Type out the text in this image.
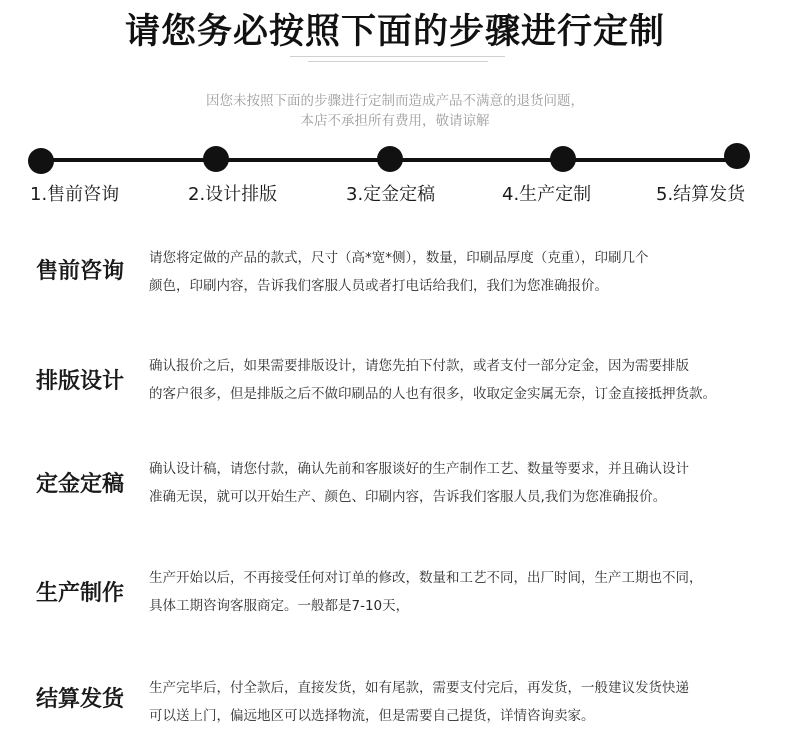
请您务必按照下面的步骤进行定制
因您未按照下面的步骤进行定制而造成产品不满意的退货问题，
本店不承担所有费用，敬请谅解
1.售前咨询	2.设计排版	3.定金定稿	4.生产定制	5.结算发货
售前咨询

请您将定做的产品的款式，尺寸（高*宽*侧），数量，印刷品厚度（克重），印刷几个

颜色，印刷内容，告诉我们客服人员或者打电话给我们，我们为您准确报价。

排版设计

确认报价之后，如果需要排版设计，请您先拍下付款，或者支付一部分定金，因为需要排版

的客户很多，但是排版之后不做印刷品的人也有很多，收取定金实属无奈，订金直接抵押货款。

定金定稿

确认设计稿，请您付款，确认先前和客服谈好的生产制作工艺、数量等要求，并且确认设计

准确无误，就可以开始生产、颜色、印刷内容，告诉我们客服人员,我们为您准确报价。

生产制作

生产开始以后，不再接受任何对订单的修改，数量和工艺不同，出厂时间，生产工期也不同，

具体工期咨询客服商定。一般都是7-10天，

结算发货 生产完毕后，付全款后，直接发货，如有尾款，需要支付完后，再发货，一般建议发货快递

可以送上门，偏远地区可以选择物流，但是需要自己提货，详情咨询卖家。
